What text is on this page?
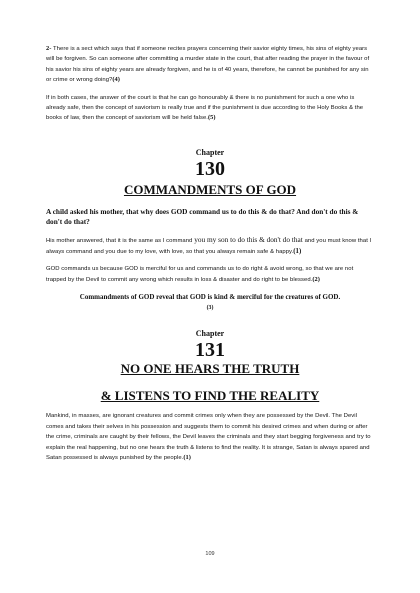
2- There is a sect which says that if someone recites prayers concerning their savior eighty times, his sins of eighty years will be forgiven. So can someone after committing a murder state in the court, that after reading the prayer in the favour of his savior his sins of eighty years are already forgiven, and he is of 40 years, therefore, he cannot be punished for any sin or crime or wrong doing?(4)

If in both cases, the answer of the court is that he can go honourably & there is no punishment for such a one who is already safe, then the concept of saviorism is really true and if the punishment is due according to the Holy Books & the books of law, then the concept of saviorism will be held false.(5)

Chapter
130
COMMANDMENTS OF GOD

A child asked his mother, that why does GOD command us to do this & do that? And don't do this & don't do that?

His mother answered, that it is the same as I command you my son to do this & don't do that and you must know that I always command and you due to my love, with love, so that you always remain safe & happy.(1)

GOD commands us because GOD is merciful for us and commands us to do right & avoid wrong, so that we are not trapped by the Devil to commit any wrong which results in loss & disaster and do right to be blessed.(2)

Commandments of GOD reveal that GOD is kind & merciful for the creatures of GOD.
(3)

Chapter
131
NO ONE HEARS THE TRUTH
& LISTENS TO FIND THE REALITY

Mankind, in masses, are ignorant creatures and commit crimes only when they are possessed by the Devil. The Devil comes and takes their selves in his possession and suggests them to commit his desired crimes and when during or after the crime, criminals are caught by their fellows, the Devil leaves the criminals and they start begging forgiveness and try to explain the real happening, but no one hears the truth & listens to find the reality. It is strange, Satan is always spared and Satan possessed is always punished by the people.(1)

109
